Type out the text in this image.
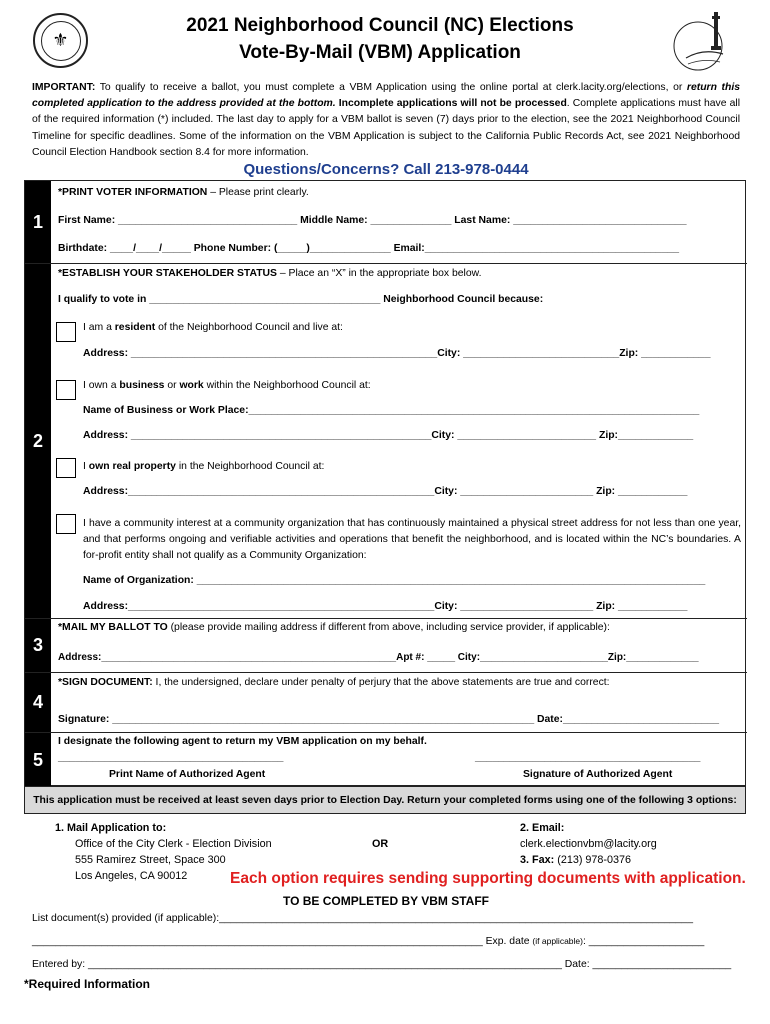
⚜
2021 Neighborhood Council (NC) Elections
Vote-By-Mail (VBM) Application
IMPORTANT: To qualify to receive a ballot, you must complete a VBM Application using the online portal at clerk.lacity.org/elections, or return this completed application to the address provided at the bottom. Incomplete applications will not be processed. Complete applications must have all of the required information (*) included. The last day to apply for a VBM ballot is seven (7) days prior to the election, see the 2021 Neighborhood Council Timeline for specific deadlines. Some of the information on the VBM Application is subject to the California Public Records Act, see 2021 Neighborhood Council Election Handbook section 8.4 for more information.
Questions/Concerns? Call 213-978-0444
1
*PRINT VOTER INFORMATION – Please print clearly.
First Name: _______________________________ Middle Name: ______________ Last Name: ______________________________
Birthdate: ____/____/_____ Phone Number: (_____)______________ Email:____________________________________________
2
*ESTABLISH YOUR STAKEHOLDER STATUS – Place an “X” in the appropriate box below.
I qualify to vote in ________________________________________ Neighborhood Council because:
I am a resident of the Neighborhood Council and live at:
Address: _____________________________________________________City: ___________________________Zip: ____________
I own a business or work within the Neighborhood Council at:
Name of Business or Work Place:______________________________________________________________________________
Address: ____________________________________________________City: ________________________ Zip:_____________
I own real property in the Neighborhood Council at:
Address:_____________________________________________________City: _______________________ Zip: ____________
I have a community interest at a community organization that has continuously maintained a physical street address for not less than one year, and that performs ongoing and verifiable activities and operations that benefit the neighborhood, and is located within the NC’s boundaries. A for-profit entity shall not qualify as a Community Organization:
Name of Organization: ________________________________________________________________________________________
Address:_____________________________________________________City: _______________________ Zip: ____________
3
*MAIL MY BALLOT TO (please provide mailing address if different from above, including service provider, if applicable):
Address:_____________________________________________________Apt #: _____ City:_______________________Zip:_____________
4
*SIGN DOCUMENT: I, the undersigned, declare under penalty of perjury that the above statements are true and correct:
Signature: _________________________________________________________________________ Date:___________________________
5
I designate the following agent to return my VBM application on my behalf.
_______________________________________	_______________________________________
Print Name of Authorized Agent	Signature of Authorized Agent
This application must be received at least seven days prior to Election Day. Return your completed forms using one of the following 3 options:
1. Mail Application to:
Office of the City Clerk - Election Division
555 Ramirez Street, Space 300
Los Angeles, CA 90012
OR
2. Email:
clerk.electionvbm@lacity.org
3. Fax: (213) 978-0376
Each option requires sending supporting documents with application.
TO BE COMPLETED BY VBM STAFF
List document(s) provided (if applicable):__________________________________________________________________________________
______________________________________________________________________________ Exp. date (if applicable): ____________________
Entered by: __________________________________________________________________________________ Date: ________________________
*Required Information
